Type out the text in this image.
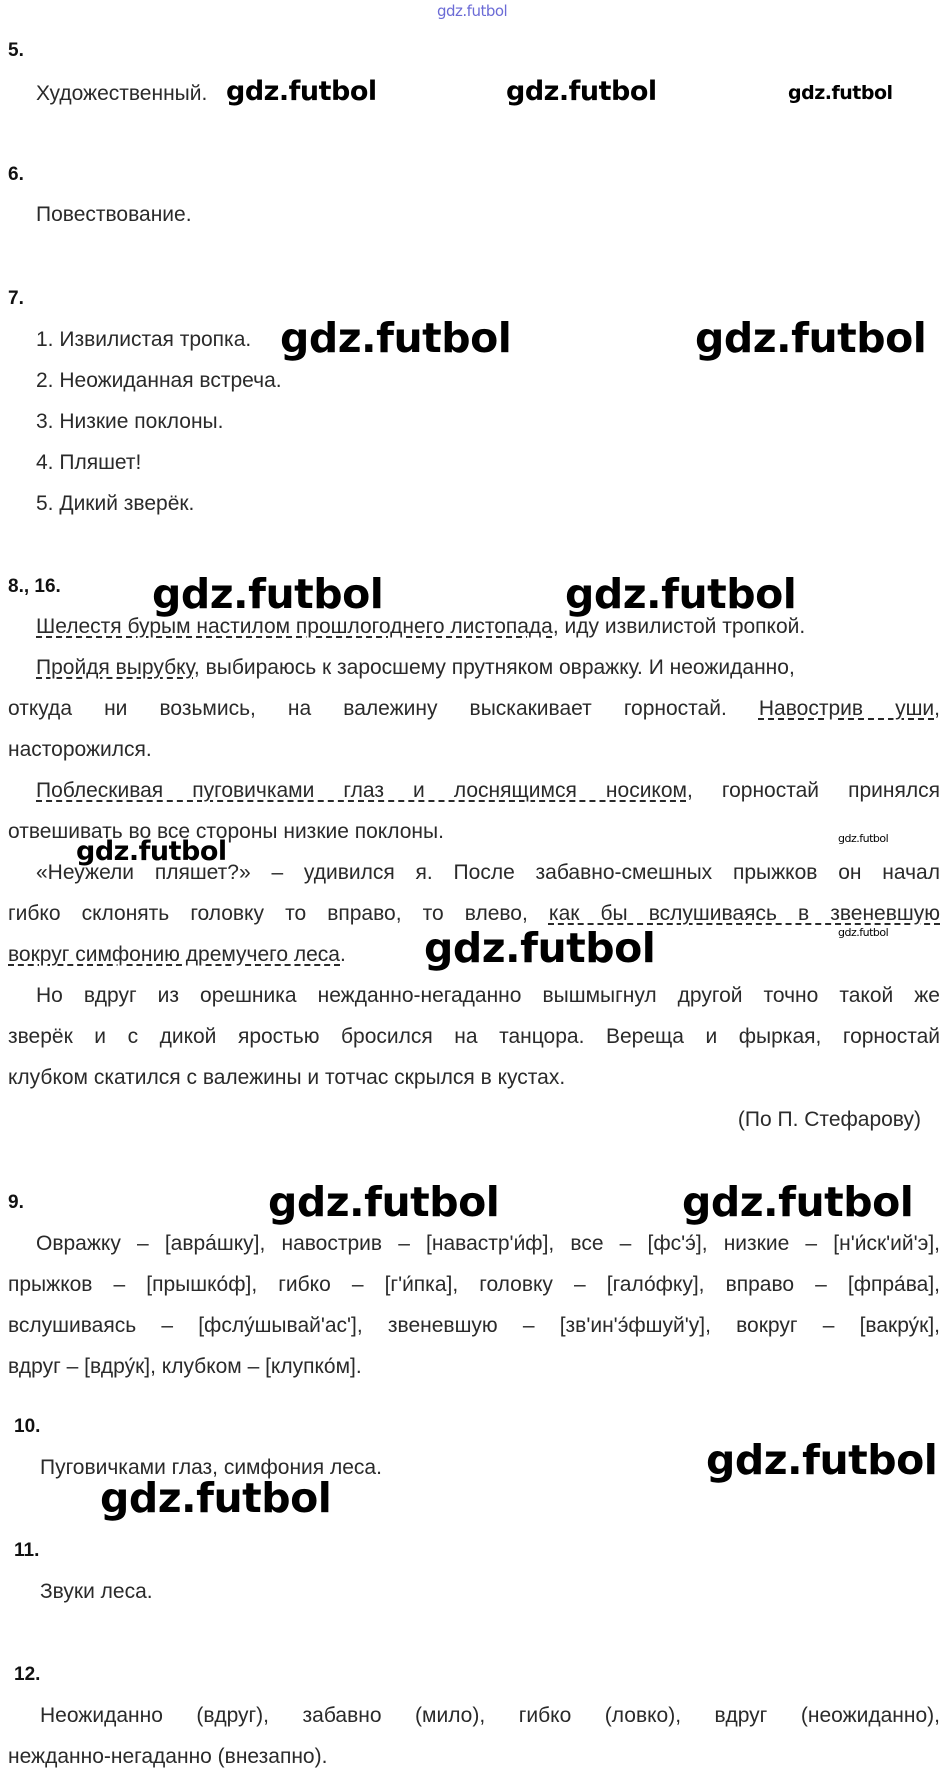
gdz.futbol
5.
Художественный. gdz.futbol	gdz.futbol	gdz.futbol
6.
Повествование.
7.
1. Извилистая тропка.
2. Неожиданная встреча.
3. Низкие поклоны.
4. Пляшет!
5. Дикий зверёк.
gdz.futbol	gdz.futbol
8., 16. gdz.futbol	gdz.futbol
Шелестя бурым настилом прошлогоднего листопада, иду извилистой тропкой.
Пройдя вырубку, выбираюсь к заросшему прутняком овражку. И неожиданно,
откуда ни возьмись, на валежину выскакивает горностай. Навострив уши,
насторожился.
Поблескивая пуговичками глаз и лоснящимся носиком, горностай принялся
отвешивать во все стороны низкие поклоны.
gdz.futbol	gdz.futbol
«Неужели пляшет?» – удивился я. После забавно-смешных прыжков он начал
гибко склонять головку то вправо, то влево, как бы вслушиваясь в звеневшую
gdz.futbol
вокруг симфонию дремучего леса.	gdz.futbol
Но вдруг из орешника нежданно-негаданно вышмыгнул другой точно такой же
зверёк и с дикой яростью бросился на танцора. Вереща и фыркая, горностай
клубком скатился с валежины и тотчас скрылся в кустах.
(По П. Стефарову)
9.	gdz.futbol	gdz.futbol
Овражку – [аврáшку], навострив – [навастр'и́ф], все – [фс'э́], низкие – [н'и́ск'ий'э],
прыжков – [прышко́ф], гибко – [г'и́пка], головку – [гало́фку], вправо – [фпра́ва],
вслушиваясь – [фслу́шывай'ас'], звеневшую – [зв'ин'э́фшуй'у], вокруг – [вакру́к],
вдруг – [вдру́к], клубком – [клупко́м].
10.
Пуговичками глаз, симфония леса.	gdz.futbol
gdz.futbol
11.
Звуки леса.
12.
Неожиданно (вдруг), забавно (мило), гибко (ловко), вдруг (неожиданно),
нежданно-негаданно (внезапно).
